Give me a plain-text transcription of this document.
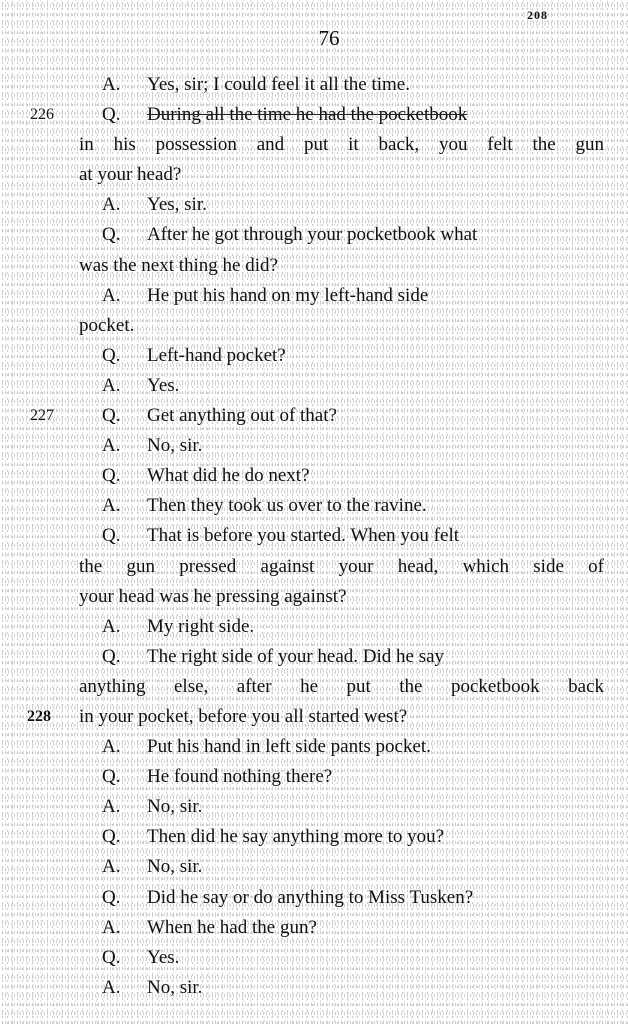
208
76
A. Yes, sir; I could feel it all the time.
226	Q. During all the time he had the pocketbook
in his possession and put it back, you felt the gun
at your head?
A. Yes, sir.
Q. After he got through your pocketbook what
was the next thing he did?
A. He put his hand on my left-hand side
pocket.
Q. Left-hand pocket?
A. Yes.
227	Q. Get anything out of that?
A. No, sir.
Q. What did he do next?
A. Then they took us over to the ravine.
Q. That is before you started. When you felt
the gun pressed against your head, which side of
your head was he pressing against?
A. My right side.
Q. The right side of your head. Did he say
anything else, after he put the pocketbook back
228 in your pocket, before you all started west?
A. Put his hand in left side pants pocket.
Q. He found nothing there?
A. No, sir.
Q. Then did he say anything more to you?
A. No, sir.
Q. Did he say or do anything to Miss Tusken?
A. When he had the gun?
Q. Yes.
A. No, sir.
